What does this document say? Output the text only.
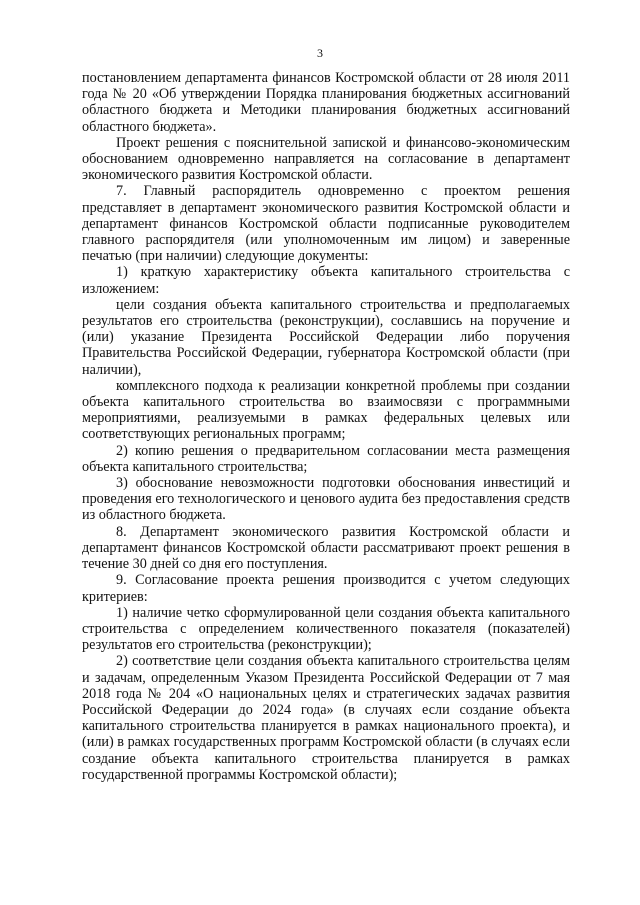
3

постановлением департамента финансов Костромской области от 28 июля 2011 года № 20 «Об утверждении Порядка планирования бюджетных ассигнований областного бюджета и Методики планирования бюджетных ассигнований областного бюджета».

Проект решения с пояснительной запиской и финансово-экономическим обоснованием одновременно направляется на согласование в департамент экономического развития Костромской области.

7. Главный распорядитель одновременно с проектом решения представляет в департамент экономического развития Костромской области и департамент финансов Костромской области подписанные руководителем главного распорядителя (или уполномоченным им лицом) и заверенные печатью (при наличии) следующие документы:

1) краткую характеристику объекта капитального строительства с изложением:

цели создания объекта капитального строительства и предполагаемых результатов его строительства (реконструкции), сославшись на поручение и (или) указание Президента Российской Федерации либо поручения Правительства Российской Федерации, губернатора Костромской области (при наличии),

комплексного подхода к реализации конкретной проблемы при создании объекта капитального строительства во взаимосвязи с программными мероприятиями, реализуемыми в рамках федеральных целевых или соответствующих региональных программ;

2) копию решения о предварительном согласовании места размещения объекта капитального строительства;

3) обоснование невозможности подготовки обоснования инвестиций и проведения его технологического и ценового аудита без предоставления средств из областного бюджета.

8. Департамент экономического развития Костромской области и департамент финансов Костромской области рассматривают проект решения в течение 30 дней со дня его поступления.

9. Согласование проекта решения производится с учетом следующих критериев:

1) наличие четко сформулированной цели создания объекта капитального строительства с определением количественного показателя (показателей) результатов его строительства (реконструкции);

2) соответствие цели создания объекта капитального строительства целям и задачам, определенным Указом Президента Российской Федерации от 7 мая 2018 года № 204 «О национальных целях и стратегических задачах развития Российской Федерации до 2024 года» (в случаях если создание объекта капитального строительства планируется в рамках национального проекта), и (или) в рамках государственных программ Костромской области (в случаях если создание объекта капитального строительства планируется в рамках государственной программы Костромской области);
